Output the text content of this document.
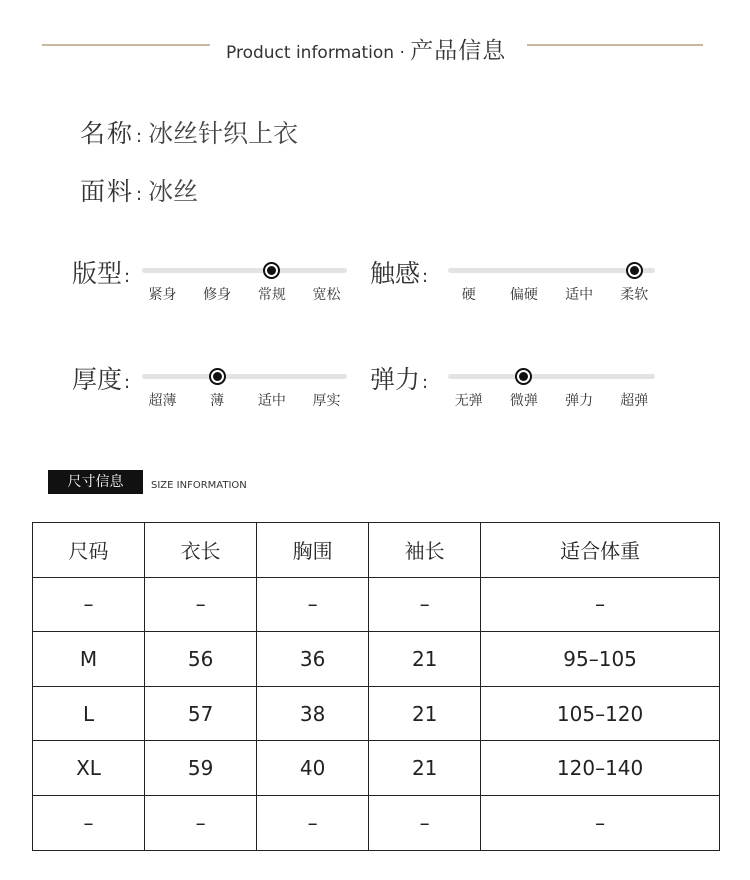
Product information · 产品信息
名称 : 冰丝针织上衣
面料 : 冰丝
版型 :
紧身 修身 常规 宽松
触感 :
硬 偏硬 适中 柔软
厚度 :
超薄 薄 适中 厚实
弹力 :
无弹 微弹 弹力 超弹
尺寸信息	SIZE INFORMATION
尺码	衣长	胸围	袖长	适合体重
–	–	–	–	–
M	56	36	21	95–105
L	57	38	21	105–120
XL	59	40	21	120–140
–	–	–	–	–
